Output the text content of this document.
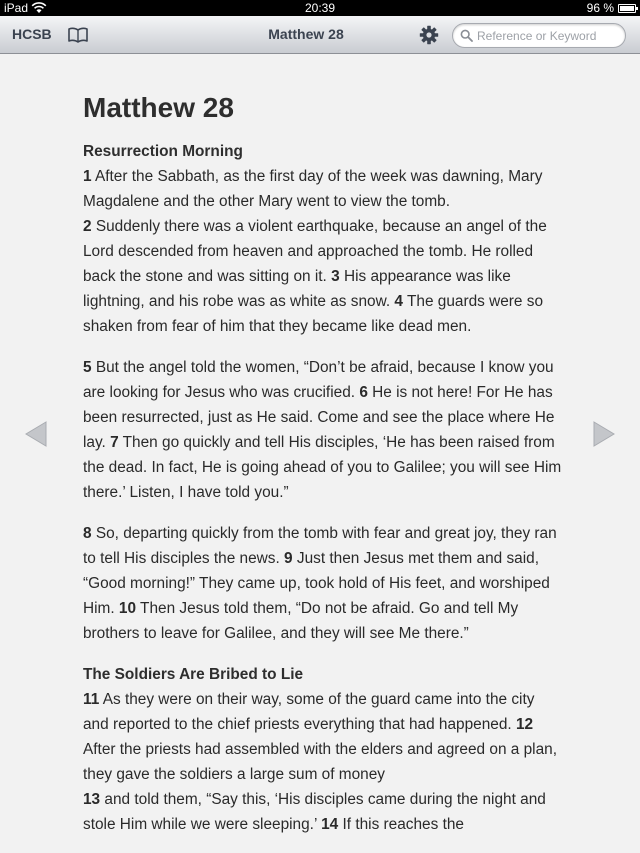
iPad	20:39	96 %
HCSB	Matthew 28
Reference or Keyword
Matthew 28
Resurrection Morning
1 After the Sabbath, as the first day of the week was dawning, Mary Magdalene and the other Mary went to view the tomb.
2 Suddenly there was a violent earthquake, because an angel of the Lord descended from heaven and approached the tomb. He rolled back the stone and was sitting on it. 3 His appearance was like lightning, and his robe was as white as snow. 4 The guards were so shaken from fear of him that they became like dead men.
5 But the angel told the women, “Don’t be afraid, because I know you are looking for Jesus who was crucified. 6 He is not here! For He has been resurrected, just as He said. Come and see the place where He lay. 7 Then go quickly and tell His disciples, ‘He has been raised from the dead. In fact, He is going ahead of you to Galilee; you will see Him there.’ Listen, I have told you.”
8 So, departing quickly from the tomb with fear and great joy, they ran to tell His disciples the news. 9 Just then Jesus met them and said, “Good morning!” They came up, took hold of His feet, and worshiped Him. 10 Then Jesus told them, “Do not be afraid. Go and tell My brothers to leave for Galilee, and they will see Me there.”
The Soldiers Are Bribed to Lie
11 As they were on their way, some of the guard came into the city and reported to the chief priests everything that had happened. 12 After the priests had assembled with the elders and agreed on a plan, they gave the soldiers a large sum of money
13 and told them, “Say this, ‘His disciples came during the night and stole Him while we were sleeping.’ 14 If this reaches the
